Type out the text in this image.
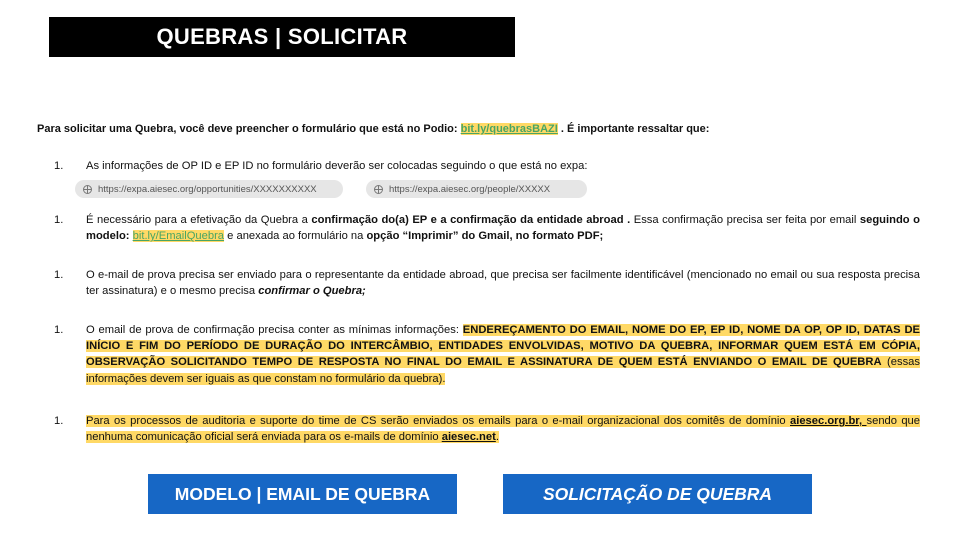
QUEBRAS | SOLICITAR
Para solicitar uma Quebra, você deve preencher o formulário que está no Podio: bit.ly/quebrasBAZI . É importante ressaltar que:
1.	As informações de OP ID e EP ID no formulário deverão ser colocadas seguindo o que está no expa:
https://expa.aiesec.org/opportunities/XXXXXXXXXX	https://expa.aiesec.org/people/XXXXX
1.	É necessário para a efetivação da Quebra a confirmação do(a) EP e a confirmação da entidade abroad . Essa confirmação precisa ser feita por email seguindo o modelo: bit.ly/EmailQuebra e anexada ao formulário na opção “Imprimir” do Gmail, no formato PDF;
1.	O e-mail de prova precisa ser enviado para o representante da entidade abroad, que precisa ser facilmente identificável (mencionado no email ou sua resposta precisa ter assinatura) e o mesmo precisa confirmar o Quebra;
1.	O email de prova de confirmação precisa conter as mínimas informações: ENDEREÇAMENTO DO EMAIL, NOME DO EP, EP ID, NOME DA OP, OP ID, DATAS DE INÍCIO E FIM DO PERÍODO DE DURAÇÃO DO INTERCÂMBIO, ENTIDADES ENVOLVIDAS, MOTIVO DA QUEBRA, INFORMAR QUEM ESTÁ EM CÓPIA, OBSERVAÇÃO SOLICITANDO TEMPO DE RESPOSTA NO FINAL DO EMAIL E ASSINATURA DE QUEM ESTÁ ENVIANDO O EMAIL DE QUEBRA (essas informações devem ser iguais as que constam no formulário da quebra).
1.	Para os processos de auditoria e suporte do time de CS serão enviados os emails para o e-mail organizacional dos comitês de domínio aiesec.org.br, sendo que nenhuma comunicação oficial será enviada para os e-mails de domínio aiesec.net.
MODELO | EMAIL DE QUEBRA	SOLICITAÇÃO DE QUEBRA
